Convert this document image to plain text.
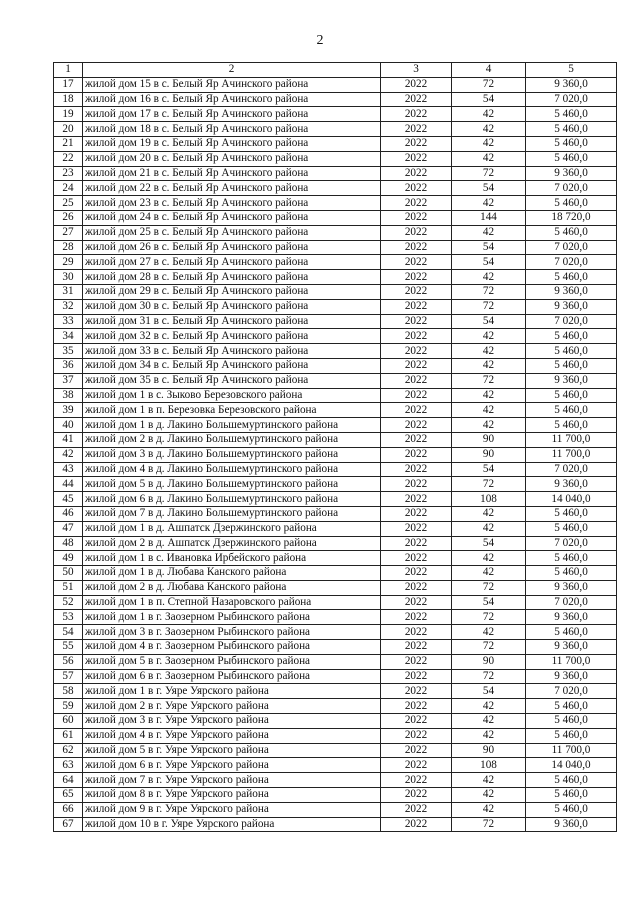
2
1	2	3	4	5
17	жилой дом 15 в с. Белый Яр Ачинского района	2022	72	9 360,0
18	жилой дом 16 в с. Белый Яр Ачинского района	2022	54	7 020,0
19	жилой дом 17 в с. Белый Яр Ачинского района	2022	42	5 460,0
20	жилой дом 18 в с. Белый Яр Ачинского района	2022	42	5 460,0
21	жилой дом 19 в с. Белый Яр Ачинского района	2022	42	5 460,0
22	жилой дом 20 в с. Белый Яр Ачинского района	2022	42	5 460,0
23	жилой дом 21 в с. Белый Яр Ачинского района	2022	72	9 360,0
24	жилой дом 22 в с. Белый Яр Ачинского района	2022	54	7 020,0
25	жилой дом 23 в с. Белый Яр Ачинского района	2022	42	5 460,0
26	жилой дом 24 в с. Белый Яр Ачинского района	2022	144	18 720,0
27	жилой дом 25 в с. Белый Яр Ачинского района	2022	42	5 460,0
28	жилой дом 26 в с. Белый Яр Ачинского района	2022	54	7 020,0
29	жилой дом 27 в с. Белый Яр Ачинского района	2022	54	7 020,0
30	жилой дом 28 в с. Белый Яр Ачинского района	2022	42	5 460,0
31	жилой дом 29 в с. Белый Яр Ачинского района	2022	72	9 360,0
32	жилой дом 30 в с. Белый Яр Ачинского района	2022	72	9 360,0
33	жилой дом 31 в с. Белый Яр Ачинского района	2022	54	7 020,0
34	жилой дом 32 в с. Белый Яр Ачинского района	2022	42	5 460,0
35	жилой дом 33 в с. Белый Яр Ачинского района	2022	42	5 460,0
36	жилой дом 34 в с. Белый Яр Ачинского района	2022	42	5 460,0
37	жилой дом 35 в с. Белый Яр Ачинского района	2022	72	9 360,0
38	жилой дом 1 в с. Зыково Березовского района	2022	42	5 460,0
39	жилой дом 1 в п. Березовка Березовского района	2022	42	5 460,0
40	жилой дом 1 в д. Лакино Большемуртинского района	2022	42	5 460,0
41	жилой дом 2 в д. Лакино Большемуртинского района	2022	90	11 700,0
42	жилой дом 3 в д. Лакино Большемуртинского района	2022	90	11 700,0
43	жилой дом 4 в д. Лакино Большемуртинского района	2022	54	7 020,0
44	жилой дом 5 в д. Лакино Большемуртинского района	2022	72	9 360,0
45	жилой дом 6 в д. Лакино Большемуртинского района	2022	108	14 040,0
46	жилой дом 7 в д. Лакино Большемуртинского района	2022	42	5 460,0
47	жилой дом 1 в д. Ашпатск Дзержинского района	2022	42	5 460,0
48	жилой дом 2 в д. Ашпатск Дзержинского района	2022	54	7 020,0
49	жилой дом 1 в с. Ивановка Ирбейского района	2022	42	5 460,0
50	жилой дом 1 в д. Любава Канского района	2022	42	5 460,0
51	жилой дом 2 в д. Любава Канского района	2022	72	9 360,0
52	жилой дом 1 в п. Степной Назаровского района	2022	54	7 020,0
53	жилой дом 1 в г. Заозерном Рыбинского района	2022	72	9 360,0
54	жилой дом 3 в г. Заозерном Рыбинского района	2022	42	5 460,0
55	жилой дом 4 в г. Заозерном Рыбинского района	2022	72	9 360,0
56	жилой дом 5 в г. Заозерном Рыбинского района	2022	90	11 700,0
57	жилой дом 6 в г. Заозерном Рыбинского района	2022	72	9 360,0
58	жилой дом 1 в г. Уяре Уярского района	2022	54	7 020,0
59	жилой дом 2 в г. Уяре Уярского района	2022	42	5 460,0
60	жилой дом 3 в г. Уяре Уярского района	2022	42	5 460,0
61	жилой дом 4 в г. Уяре Уярского района	2022	42	5 460,0
62	жилой дом 5 в г. Уяре Уярского района	2022	90	11 700,0
63	жилой дом 6 в г. Уяре Уярского района	2022	108	14 040,0
64	жилой дом 7 в г. Уяре Уярского района	2022	42	5 460,0
65	жилой дом 8 в г. Уяре Уярского района	2022	42	5 460,0
66	жилой дом 9 в г. Уяре Уярского района	2022	42	5 460,0
67	жилой дом 10 в г. Уяре Уярского района	2022	72	9 360,0
